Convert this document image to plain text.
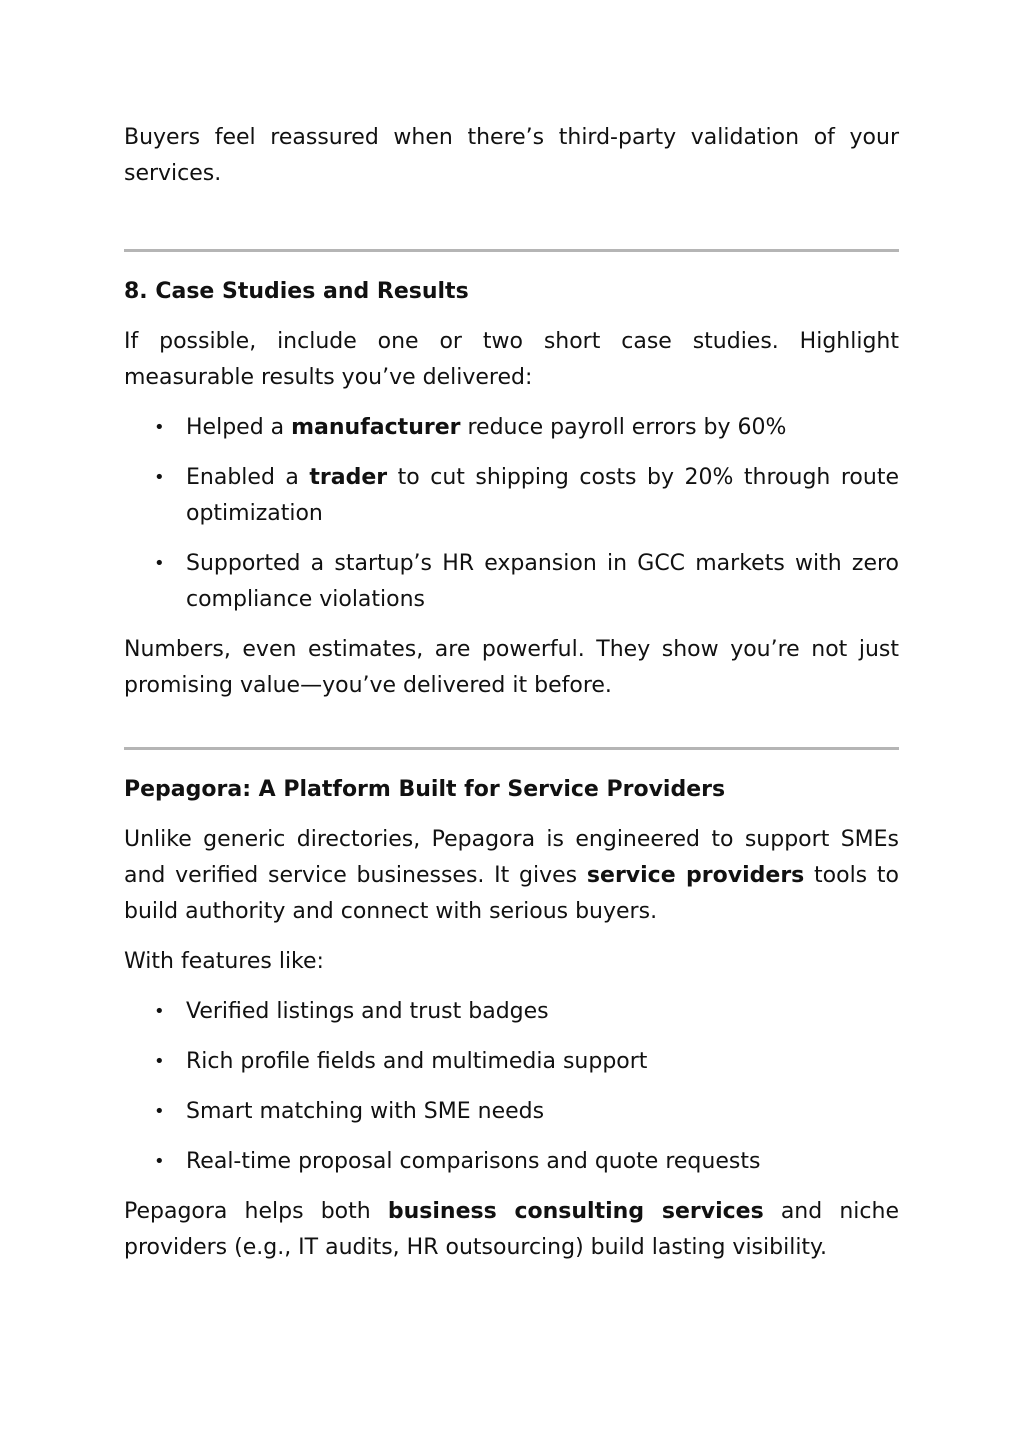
Buyers feel reassured when there’s third-party validation of your services.

8. Case Studies and Results

If possible, include one or two short case studies. Highlight measurable results you’ve delivered:

• Helped a manufacturer reduce payroll errors by 60%
• Enabled a trader to cut shipping costs by 20% through route optimization
• Supported a startup’s HR expansion in GCC markets with zero compliance violations

Numbers, even estimates, are powerful. They show you’re not just promising value—you’ve delivered it before.

Pepagora: A Platform Built for Service Providers

Unlike generic directories, Pepagora is engineered to support SMEs and verified service businesses. It gives service providers tools to build authority and connect with serious buyers.

With features like:

• Verified listings and trust badges
• Rich profile fields and multimedia support
• Smart matching with SME needs
• Real-time proposal comparisons and quote requests

Pepagora helps both business consulting services and niche providers (e.g., IT audits, HR outsourcing) build lasting visibility.
